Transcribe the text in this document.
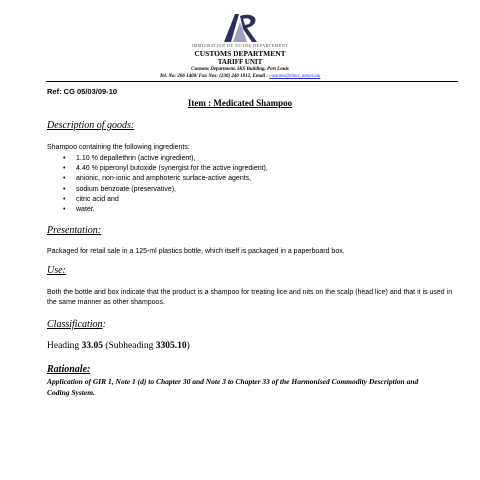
IMMIGRATION DE NOTRE DEPARTEMENT
CUSTOMS DEPARTMENT
TARIFF UNIT
Customs Department, IKS Building, Port Louis
Tel. No: 206 1400/ Fax Nos: (230) 240 1812, Email : customs@tlmrc.intnet.mu
Ref: CG 05/03/09-10
Item : Medicated Shampoo
Description of goods:
Shampoo containing the following ingredients:
• 1.10 % depallethrin (active ingredient),
• 4.40 % piperonyl butoxide (synergist for the active ingredient),
• anionic, non-ionic and amphoteric surface-active agents,
• sodium benzoate (preservative),
• citric acid and
• water.
Presentation:
Packaged for retail sale in a 125-ml plastics bottle, which itself is packaged in a paperboard box.
Use:
Both the bottle and box indicate that the product is a shampoo for treating lice and nits on the scalp (head lice) and that it is used in the same manner as other shampoos.
Classification:
Heading 33.05 (Subheading 3305.10)
Rationale:
Application of GIR 1, Note 1 (d) to Chapter 30 and Note 3 to Chapter 33 of the Harmonised Commodity Description and Coding System.
